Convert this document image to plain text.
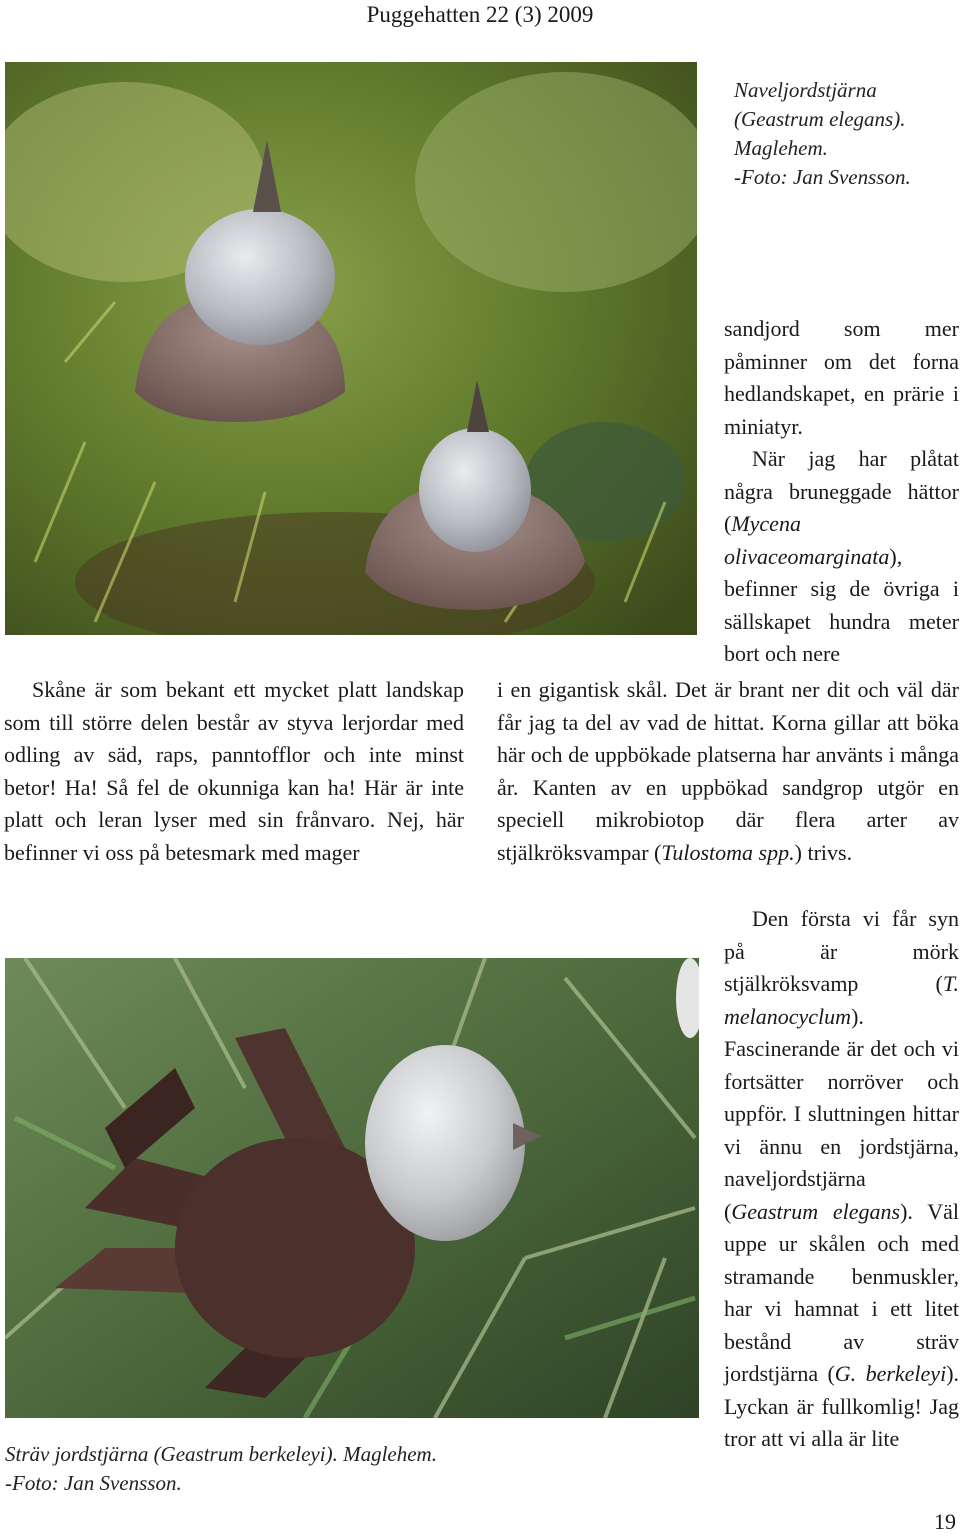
Puggehatten 22 (3) 2009
Naveljordstjärna
(Geastrum elegans).
Maglehem.
-Foto: Jan Svensson.

sandjord som mer påminner om det forna hedlandskapet, en prärie i miniatyr.

När jag har plåtat några bruneggade hättor (Mycena olivaceomarginata), befinner sig de övriga i sällskapet hundra meter bort och nere

Skåne är som bekant ett mycket platt landskap som till större delen består av styva lerjordar med odling av säd, raps, panntofflor och inte minst betor! Ha! Så fel de okunniga kan ha! Här är inte platt och leran lyser med sin frånvaro. Nej, här befinner vi oss på betesmark med mager

i en gigantisk skål. Det är brant ner dit och väl där får jag ta del av vad de hittat. Korna gillar att böka här och de uppbökade platserna har använts i många år. Kanten av en uppbökad sandgrop utgör en speciell mikrobiotop där flera arter av stjälkröksvampar (Tulostoma spp.) trivs.

Den första vi får syn på är mörk stjälkröksvamp (T. melanocyclum). Fascinerande är det och vi fortsätter norröver och uppför. I sluttningen hittar vi ännu en jordstjärna, naveljordstjärna (Geastrum elegans). Väl uppe ur skålen och med stramande benmuskler, har vi hamnat i ett litet bestånd av sträv jordstjärna (G. berkeleyi). Lyckan är fullkomlig! Jag tror att vi alla är lite

Sträv jordstjärna (Geastrum berkeleyi). Maglehem.
-Foto: Jan Svensson.
19
